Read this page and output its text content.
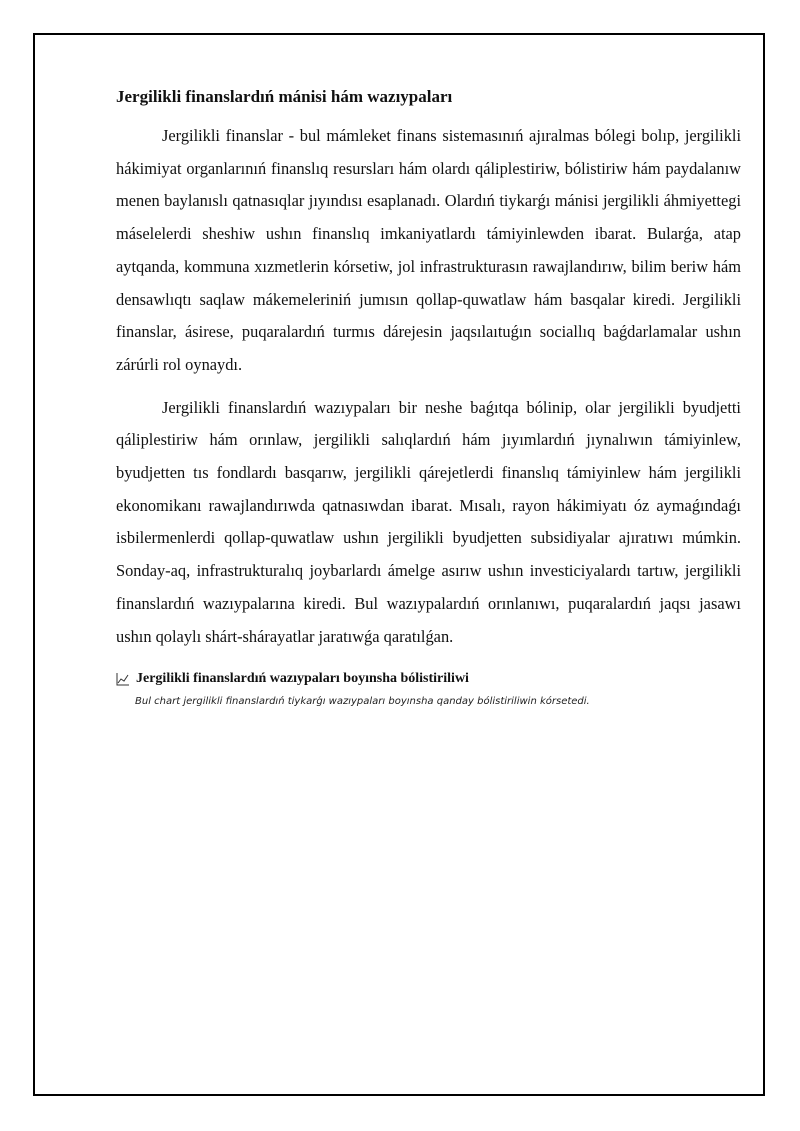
Jergilikli finanslardıń mánisi hám wazıypaları

Jergilikli finanslar - bul mámleket finans sistemasınıń ajıralmas bólegi bolıp, jergilikli hákimiyat organlarınıń finanslıq resursları hám olardı qáliplestiriw, bólistiriw hám paydalanıw menen baylanıslı qatnasıqlar jıyındısı esaplanadı. Olardıń tiykarǵı mánisi jergilikli áhmiyettegi máselelerdi sheshiw ushın finanslıq imkaniyatlardı támiyinlewden ibarat. Bularǵa, atap aytqanda, kommuna xızmetlerin kórsetiw, jol infrastrukturasın rawajlandırıw, bilim beriw hám densawlıqtı saqlaw mákemeleriniń jumısın qollap-quwatlaw hám basqalar kiredi. Jergilikli finanslar, ásirese, puqaralardıń turmıs dárejesin jaqsılaıtuǵın sociallıq baǵdarlamalar ushın zárúrli rol oynaydı.

Jergilikli finanslardıń wazıypaları bir neshe baǵıtqa bólinip, olar jergilikli byudjetti qáliplestiriw hám orınlaw, jergilikli salıqlardıń hám jıyımlardıń jıynalıwın támiyinlew, byudjetten tıs fondlardı basqarıw, jergilikli qárejetlerdi finanslıq támiyinlew hám jergilikli ekonomikanı rawajlandırıwda qatnasıwdan ibarat. Mısalı, rayon hákimiyatı óz aymaǵındaǵı isbilermenlerdi qollap-quwatlaw ushın jergilikli byudjetten subsidiyalar ajıratıwı múmkin. Sonday-aq, infrastrukturalıq joybarlardı ámelge asırıw ushın investiciyalardı tartıw, jergilikli finanslardıń wazıypalarına kiredi. Bul wazıypalardıń orınlanıwı, puqaralardıń jaqsı jasawı ushın qolaylı shárt-shárayatlar jaratıwǵa qaratılǵan.

Jergilikli finanslardıń wazıypaları boyınsha bólistiriliwi
Bul chart jergilikli finanslardıń tiykarǵı wazıypaları boyınsha qanday bólistiriliwin kórsetedi.
